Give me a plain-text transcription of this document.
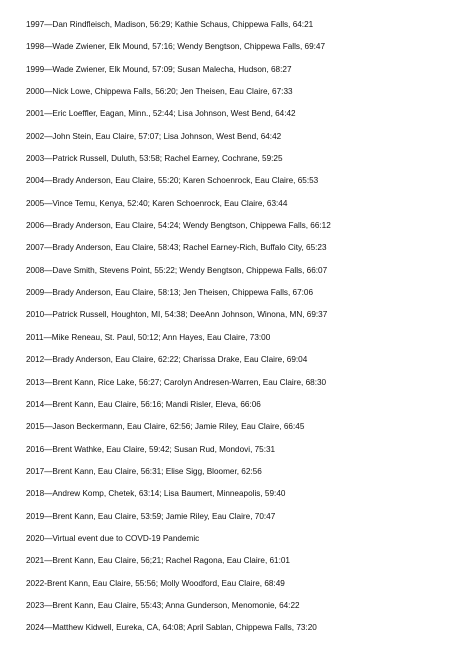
1997—Dan Rindfleisch, Madison, 56:29; Kathie Schaus, Chippewa Falls, 64:21
1998—Wade Zwiener, Elk Mound, 57:16; Wendy Bengtson, Chippewa Falls, 69:47
1999—Wade Zwiener, Elk Mound, 57:09; Susan Malecha, Hudson, 68:27
2000—Nick Lowe, Chippewa Falls, 56:20; Jen Theisen, Eau Claire, 67:33
2001—Eric Loeffler, Eagan, Minn., 52:44; Lisa Johnson, West Bend, 64:42
2002—John Stein, Eau Claire, 57:07; Lisa Johnson, West Bend, 64:42
2003—Patrick Russell, Duluth, 53:58; Rachel Earney, Cochrane, 59:25
2004—Brady Anderson, Eau Claire, 55:20; Karen Schoenrock, Eau Claire, 65:53
2005—Vince Temu, Kenya, 52:40; Karen Schoenrock, Eau Claire, 63:44
2006—Brady Anderson, Eau Claire, 54:24; Wendy Bengtson, Chippewa Falls, 66:12
2007—Brady Anderson, Eau Claire, 58:43; Rachel Earney-Rich, Buffalo City, 65:23
2008—Dave Smith, Stevens Point, 55:22; Wendy Bengtson, Chippewa Falls, 66:07
2009—Brady Anderson, Eau Claire, 58:13; Jen Theisen, Chippewa Falls, 67:06
2010—Patrick Russell, Houghton, MI, 54:38; DeeAnn Johnson, Winona, MN, 69:37
2011—Mike Reneau, St. Paul, 50:12; Ann Hayes, Eau Claire, 73:00
2012—Brady Anderson, Eau Claire, 62:22; Charissa Drake, Eau Claire, 69:04
2013—Brent Kann, Rice Lake, 56:27; Carolyn Andresen-Warren, Eau Claire, 68:30
2014—Brent Kann, Eau Claire, 56:16; Mandi Risler, Eleva, 66:06
2015—Jason Beckermann, Eau Claire, 62:56; Jamie Riley, Eau Claire, 66:45
2016—Brent Wathke, Eau Claire, 59:42; Susan Rud, Mondovi, 75:31
2017—Brent Kann, Eau Claire, 56:31; Elise Sigg, Bloomer, 62:56
2018—Andrew Komp, Chetek, 63:14; Lisa Baumert, Minneapolis, 59:40
2019—Brent Kann, Eau Claire, 53:59; Jamie Riley, Eau Claire, 70:47
2020—Virtual event due to COVD-19 Pandemic
2021—Brent Kann, Eau Claire, 56;21; Rachel Ragona, Eau Claire, 61:01
2022-Brent Kann, Eau Claire, 55:56; Molly Woodford, Eau Claire, 68:49
2023—Brent Kann, Eau Claire, 55:43; Anna Gunderson, Menomonie, 64:22
2024—Matthew Kidwell, Eureka, CA, 64:08; April Sablan, Chippewa Falls, 73:20
